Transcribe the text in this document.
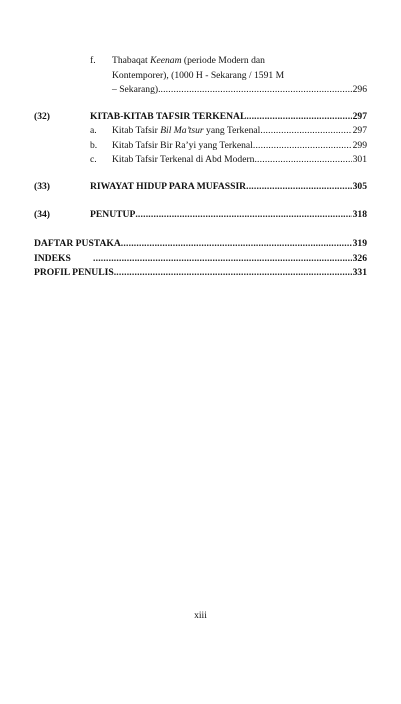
f. Thabaqat Keenam (periode Modern dan
Kontemporer), (1000 H - Sekarang / 1591 M
– Sekarang). .....	296
(32)	KITAB-KITAB TAFSIR TERKENAL .....	297
a. Kitab Tafsir Bil Ma’tsur yang Terkenal .....	297
b. Kitab Tafsir Bir Ra’yi yang Terkenal .....	299
c. Kitab Tafsir Terkenal di Abd Modern .....	301
(33)	RIWAYAT HIDUP PARA MUFASSIR .....	305
(34)	PENUTUP .....	318
DAFTAR PUSTAKA .....	319
INDEKS .....	326
PROFIL PENULIS .....	331
xiii
